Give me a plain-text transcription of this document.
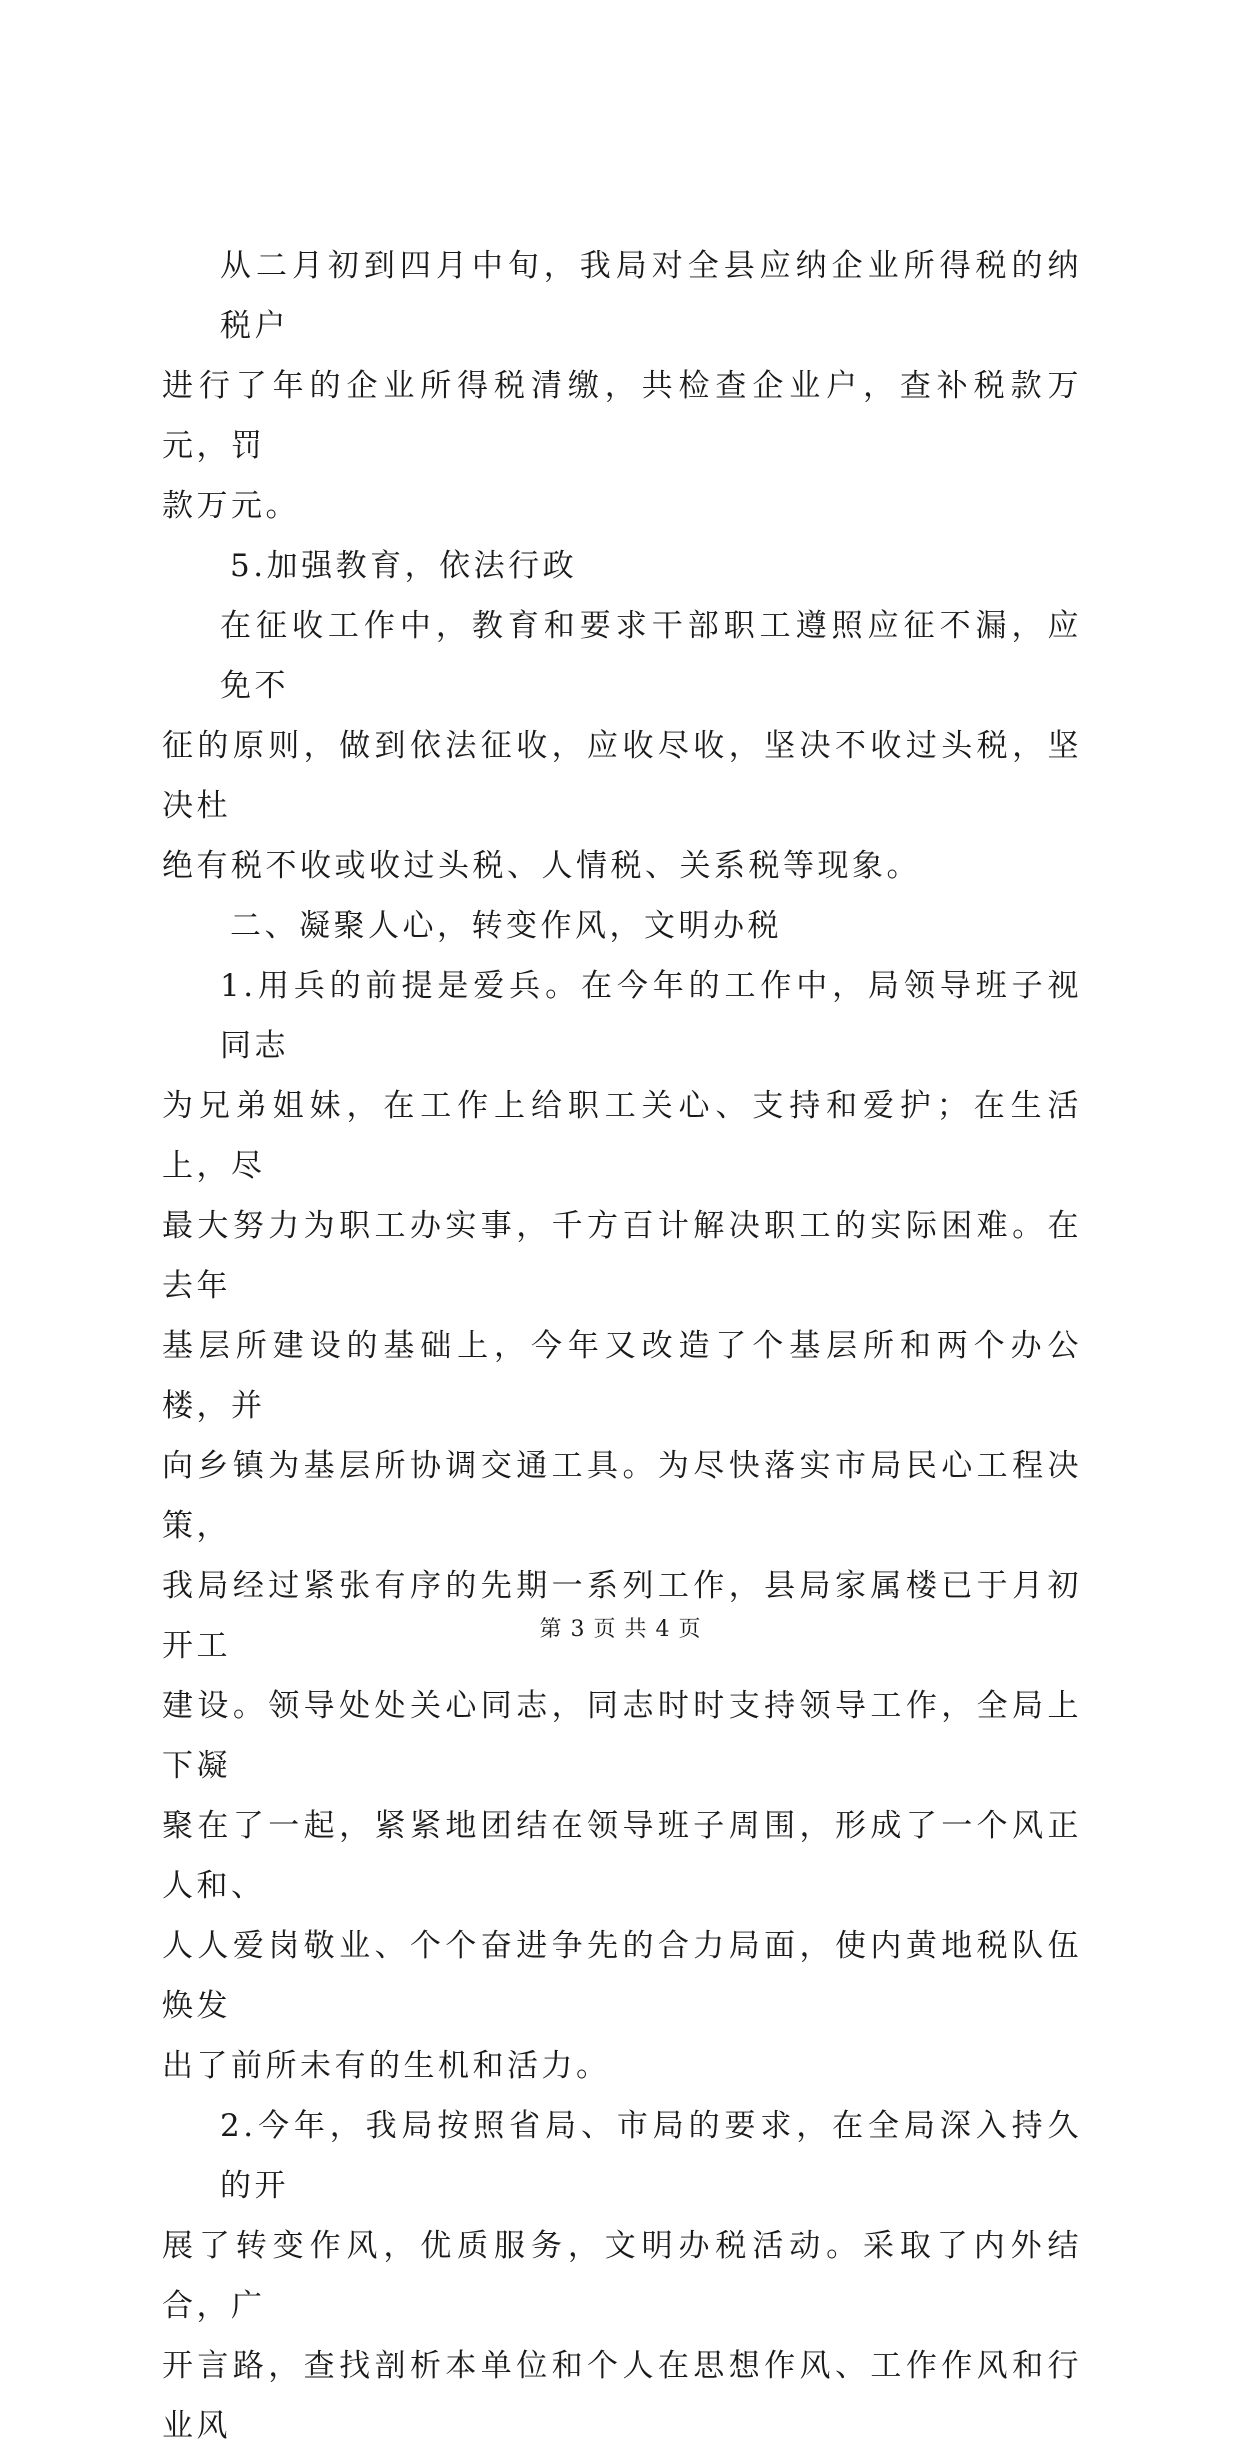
从二月初到四月中旬，我局对全县应纳企业所得税的纳税户
进行了年的企业所得税清缴，共检查企业户，查补税款万元，罚
款万元。
5.加强教育，依法行政
在征收工作中，教育和要求干部职工遵照应征不漏，应免不
征的原则，做到依法征收，应收尽收，坚决不收过头税，坚决杜
绝有税不收或收过头税、人情税、关系税等现象。
二、凝聚人心，转变作风，文明办税
1.用兵的前提是爱兵。在今年的工作中，局领导班子视同志
为兄弟姐妹，在工作上给职工关心、支持和爱护；在生活上，尽
最大努力为职工办实事，千方百计解决职工的实际困难。在去年
基层所建设的基础上，今年又改造了个基层所和两个办公楼，并
向乡镇为基层所协调交通工具。为尽快落实市局民心工程决策，
我局经过紧张有序的先期一系列工作，县局家属楼已于月初开工
建设。领导处处关心同志，同志时时支持领导工作，全局上下凝
聚在了一起，紧紧地团结在领导班子周围，形成了一个风正人和、
人人爱岗敬业、个个奋进争先的合力局面，使内黄地税队伍焕发
出了前所未有的生机和活力。
2.今年，我局按照省局、市局的要求，在全局深入持久的开
展了转变作风，优质服务，文明办税活动。采取了内外结合，广
开言路，查找剖析本单位和个人在思想作风、工作作风和行业风
第 3 页 共 4 页
